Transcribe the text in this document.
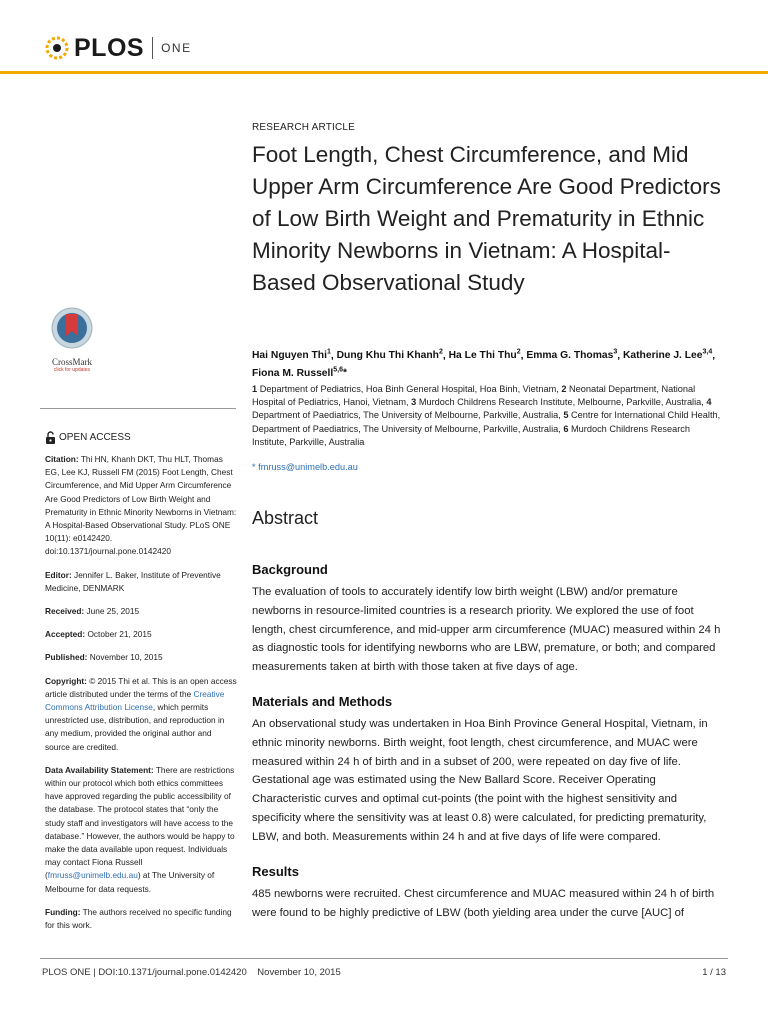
PLOS ONE
CrossMark
click for updates
OPEN ACCESS

Citation: Thi HN, Khanh DKT, Thu HLT, Thomas EG, Lee KJ, Russell FM (2015) Foot Length, Chest Circumference, and Mid Upper Arm Circumference Are Good Predictors of Low Birth Weight and Prematurity in Ethnic Minority Newborns in Vietnam: A Hospital-Based Observational Study. PLoS ONE 10(11): e0142420. doi:10.1371/journal.pone.0142420

Editor: Jennifer L. Baker, Institute of Preventive Medicine, DENMARK

Received: June 25, 2015

Accepted: October 21, 2015

Published: November 10, 2015

Copyright: © 2015 Thi et al. This is an open access article distributed under the terms of the Creative Commons Attribution License, which permits unrestricted use, distribution, and reproduction in any medium, provided the original author and source are credited.

Data Availability Statement: There are restrictions within our protocol which both ethics committees have approved regarding the public accessibility of the database. The protocol states that “only the study staff and investigators will have access to the database.” However, the authors would be happy to make the data available upon request. Individuals may contact Fiona Russell (fmruss@unimelb.edu.au) at The University of Melbourne for data requests.

Funding: The authors received no specific funding for this work.

RESEARCH ARTICLE
Foot Length, Chest Circumference, and Mid Upper Arm Circumference Are Good Predictors of Low Birth Weight and Prematurity in Ethnic Minority Newborns in Vietnam: A Hospital-Based Observational Study
Hai Nguyen Thi$^1$, Dung Khu Thi Khanh$^2$, Ha Le Thi Thu$^2$, Emma G. Thomas$^3$, Katherine J. Lee$^{3,4}$, Fiona M. Russell$^{5,6}$*
1 Department of Pediatrics, Hoa Binh General Hospital, Hoa Binh, Vietnam, 2 Neonatal Department, National Hospital of Pediatrics, Hanoi, Vietnam, 3 Murdoch Childrens Research Institute, Melbourne, Parkville, Australia, 4 Department of Paediatrics, The University of Melbourne, Parkville, Australia, 5 Centre for International Child Health, Department of Paediatrics, The University of Melbourne, Parkville, Australia, 6 Murdoch Childrens Research Institute, Parkville, Australia
* fmruss@unimelb.edu.au
Abstract
Background

The evaluation of tools to accurately identify low birth weight (LBW) and/or premature newborns in resource-limited countries is a research priority. We explored the use of foot length, chest circumference, and mid-upper arm circumference (MUAC) measured within 24 h as diagnostic tools for identifying newborns who are LBW, premature, or both; and compared measurements taken at birth with those taken at five days of age.

Materials and Methods

An observational study was undertaken in Hoa Binh Province General Hospital, Vietnam, in ethnic minority newborns. Birth weight, foot length, chest circumference, and MUAC were measured within 24 h of birth and in a subset of 200, were repeated on day five of life. Gestational age was estimated using the New Ballard Score. Receiver Operating Characteristic curves and optimal cut-points (the point with the highest sensitivity and specificity where the sensitivity was at least 0.8) were calculated, for predicting prematurity, LBW, and both. Measurements within 24 h and at five days of life were compared.

Results

485 newborns were recruited. Chest circumference and MUAC measured within 24 h of birth were found to be highly predictive of LBW (both yielding area under the curve [AUC] of

PLOS ONE | DOI:10.1371/journal.pone.0142420    November 10, 2015	1 / 13
